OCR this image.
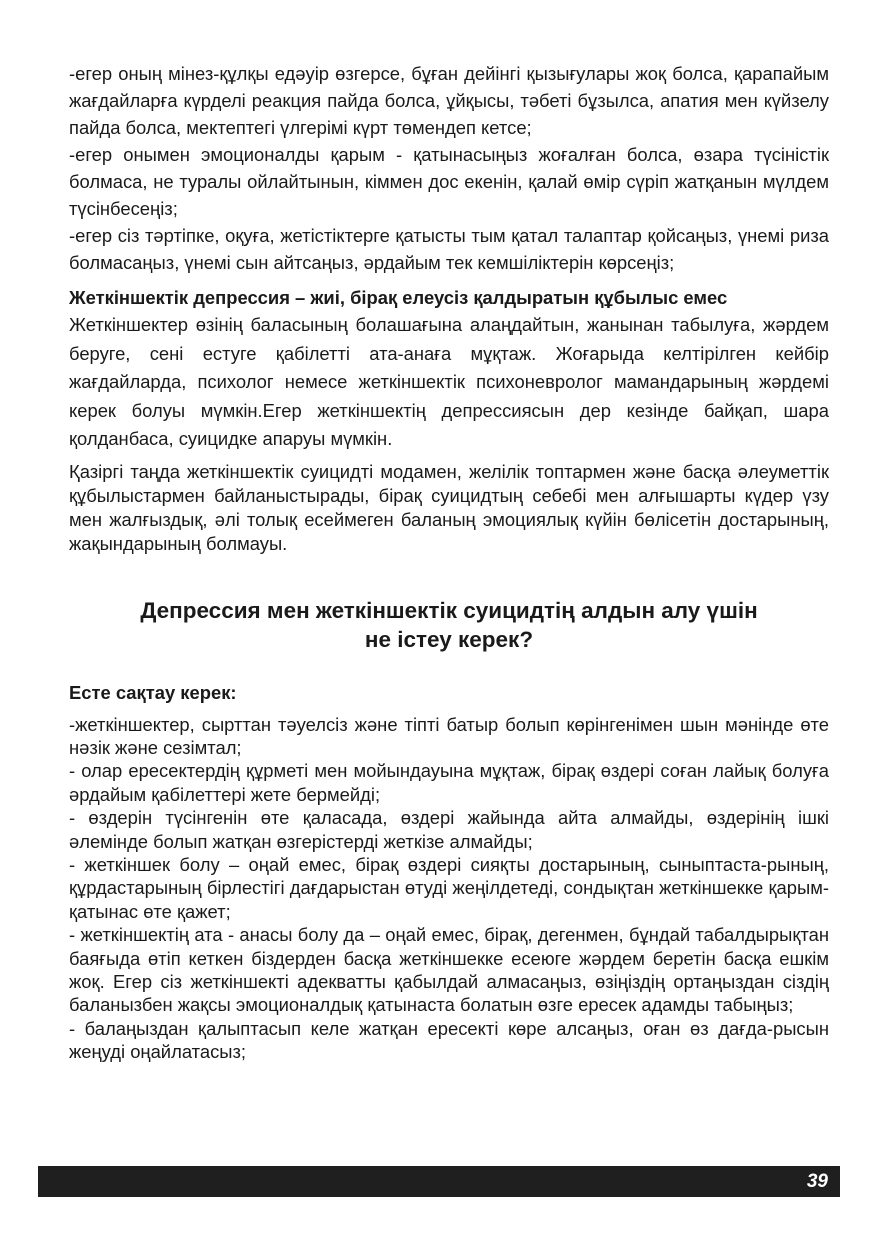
-егер оның мінез-құлқы едәуір өзгерсе, бұған дейінгі қызығулары жоқ болса, қарапайым жағдайларға күрделі реакция пайда болса, ұйқысы, тәбеті бұзылса, апатия мен күйзелу пайда болса, мектептегі үлгерімі күрт төмендеп кетсе;

-егер онымен эмоционалды қарым - қатынасыңыз жоғалған болса, өзара түсіністік болмаса, не туралы ойлайтынын, кіммен дос екенін, қалай өмір сүріп жатқанын мүлдем түсінбесеңіз;

-егер сіз тәртіпке, оқуға, жетістіктерге қатысты тым қатал талаптар қойсаңыз, үнемі риза болмасаңыз, үнемі сын айтсаңыз, әрдайым тек кемшіліктерін көрсеңіз;

Жеткіншектік депрессия – жиі, бірақ елеусіз қалдыратын құбылыс емес

Жеткіншектер өзінің баласының болашағына алаңдайтын, жанынан табылуға, жәрдем беруге, сені естуге қабілетті ата-анаға мұқтаж. Жоғарыда келтірілген кейбір жағдайларда, психолог немесе жеткіншектік психоневролог мамандарының жәрдемі керек болуы мүмкін.Егер жеткіншектің депрессиясын дер кезінде байқап, шара қолданбаса, суицидке апаруы мүмкін.

Қазіргі таңда жеткіншектік суицидті модамен, желілік топтармен және басқа әлеуметтік құбылыстармен байланыстырады, бірақ суицидтың себебі мен алғышарты күдер үзу мен жалғыздық, әлі толық есеймеген баланың эмоциялық күйін бөлісетін достарының, жақындарының болмауы.

Депрессия мен жеткіншектік суицидтің алдын алу үшін
не істеу керек?

Есте сақтау керек:

-жеткіншектер, сырттан тәуелсіз және тіпті батыр болып көрінгенімен шын мәнінде өте нәзік және сезімтал;

- олар ересектердің құрметі мен мойындауына мұқтаж, бірақ өздері соған лайық болуға әрдайым қабілеттері жете бермейді;

- өздерін түсінгенін өте қаласада, өздері жайында айта алмайды, өздерінің ішкі әлемінде болып жатқан өзгерістерді жеткізе алмайды;

- жеткіншек болу – оңай емес, бірақ өздері сияқты достарының, сыныптаста-рының, құрдастарының бірлестігі дағдарыстан өтуді жеңілдетеді, сондықтан жеткіншекке қарым-қатынас өте қажет;

- жеткіншектің ата - анасы болу да – оңай емес, бірақ, дегенмен, бұндай табалдырықтан баяғыда өтіп кеткен біздерден басқа жеткіншекке есеюге жәрдем беретін басқа ешкім жоқ. Егер сіз жеткіншекті адекватты қабылдай алмасаңыз, өзіңіздің ортаңыздан сіздің баланызбен жақсы эмоционалдық қатынаста болатын өзге ересек адамды табыңыз;

- балаңыздан қалыптасып келе жатқан ересекті көре алсаңыз, оған өз дағда-рысын жеңуді оңайлатасыз;

39
